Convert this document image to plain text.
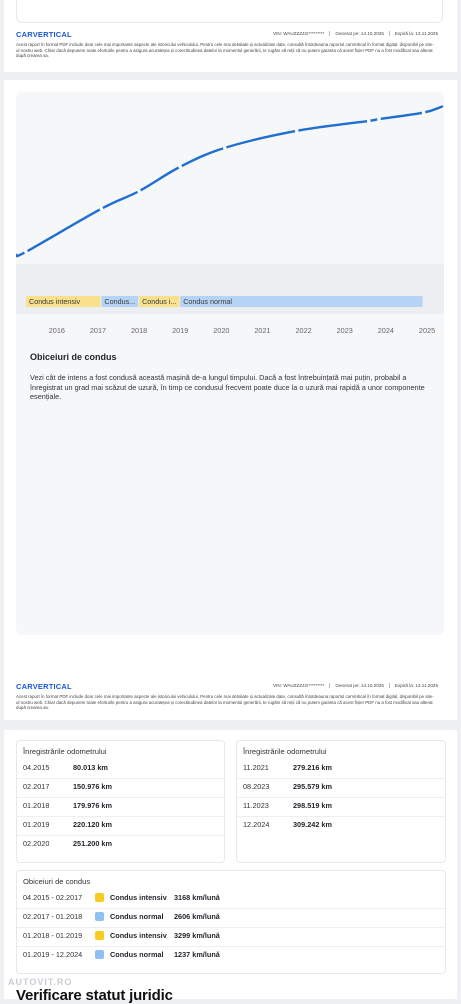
CARVERTICAL	VIN: WAUZZZ4G*********	Generat pe: 14.10.2025	Expiră la: 13.11.2025
Acest raport în format PDF include doar cele mai importante aspecte ale istoricului vehiculului. Pentru cele mai detaliate și actualizate date, consultă întotdeauna raportul carVertical în format digital, disponibil pe site-ul nostru web. Chiar dacă depunem toate eforturile pentru a asigura acuratețea și corectitudinea datelor la momentul generării, te rugăm să reții că nu putem garanta că acest fișier PDF nu a fost modificat sau alterat după crearea sa.
Condus intensiv	Condus... Condus i... Condus normal
2016	2017	2018	2019	2020	2021	2022	2023	2024	2025
Obiceiuri de condus
Vezi cât de intens a fost condusă această mașină de-a lungul timpului. Dacă a fost întrebuințată mai puțin, probabil a înregistrat un grad mai scăzut de uzură, în timp ce condusul frecvent poate duce la o uzură mai rapidă a unor componente esențiale.
CARVERTICAL	VIN: WAUZZZ4G*********	Generat pe: 14.10.2025	Expiră la: 13.11.2025
Acest raport în format PDF include doar cele mai importante aspecte ale istoricului vehiculului. Pentru cele mai detaliate și actualizate date, consultă întotdeauna raportul carVertical în format digital, disponibil pe site-ul nostru web. Chiar dacă depunem toate eforturile pentru a asigura acuratețea și corectitudinea datelor la momentul generării, te rugăm să reții că nu putem garanta că acest fișier PDF nu a fost modificat sau alterat după crearea sa.
Înregistrările odometrului
04.2015	80.013 km
02.2017	150.976 km
01.2018	179.976 km
01.2019	220.120 km
02.2020	251.200 km
Înregistrările odometrului
11.2021	279.216 km
08.2023	295.579 km
11.2023	298.519 km
12.2024	309.242 km
Obiceiuri de condus
04.2015 - 02.2017	Condus intensiv 3168 km/lună
02.2017 - 01.2018	Condus normal	2606 km/lună
01.2018 - 01.2019	Condus intensiv 3299 km/lună
01.2019 - 12.2024	Condus normal	1237 km/lună
AUTOVIT.RO
Verificare statut juridic
